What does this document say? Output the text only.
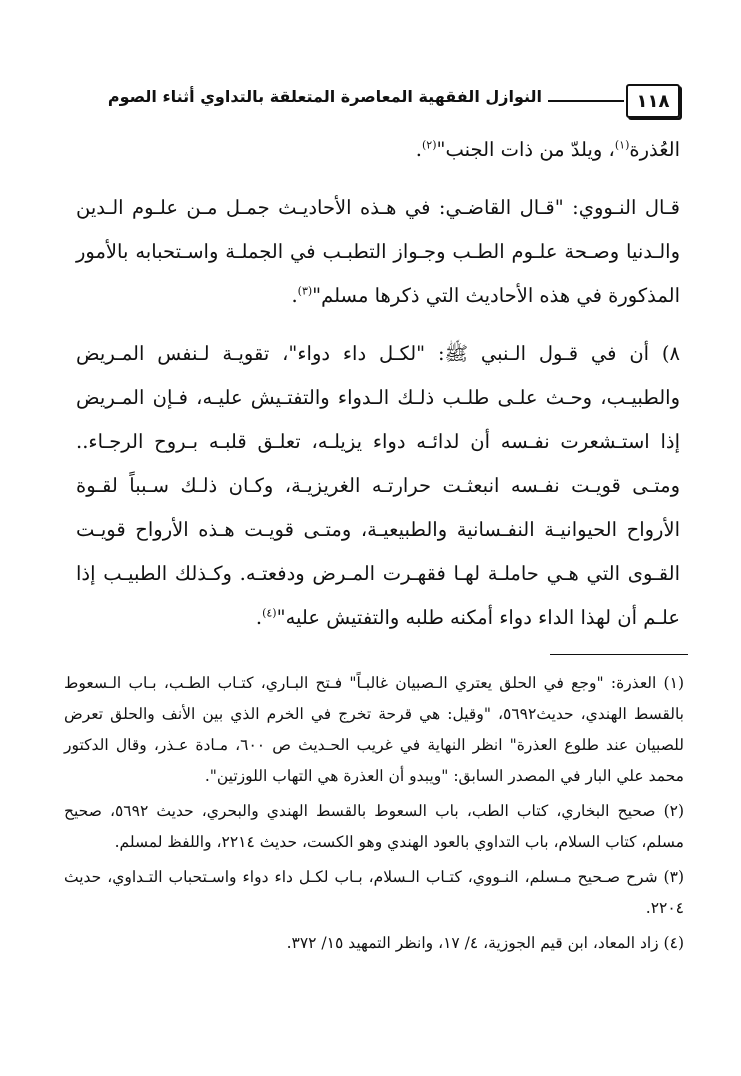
١١٨
النوازل الفقهية المعاصرة المتعلقة بالتداوي أثناء الصوم

العُذرة$^{(١)}$، ويلدّ من ذات الجنب"$^{(٢)}$.

قـال النـووي: "قـال القاضـي: في هـذه الأحاديـث جمـل مـن علـوم الـدين والـدنيا وصـحة علـوم الطـب وجـواز التطبـب في الجملـة واسـتحبابه بالأمور المذكورة في هذه الأحاديث التي ذكرها مسلم"$^{(٣)}$.

٨) أن في قـول الـنبي ﷺ: "لكـل داء دواء"، تقويـة لـنفس المـريض والطبيـب، وحـث علـى طلـب ذلـك الـدواء والتفتـيش عليـه، فـإن المـريض إذا استـشعرت نفـسه أن لدائـه دواء يزيلـه، تعلـق قلبـه بـروح الرجـاء.. ومتـى قويـت نفـسه انبعثـت حرارتـه الغريزيـة، وكـان ذلـك سـبباً لقـوة الأرواح الحيوانيـة النفـسانية والطبيعيـة، ومتـى قويـت هـذه الأرواح قويـت القـوى التي هـي حاملـة لهـا فقهـرت المـرض ودفعتـه. وكـذلك الطبيـب إذا علـم أن لهذا الداء دواء أمكنه طلبه والتفتيش عليه"$^{(٤)}$.

(١) العذرة: "وجع في الحلق يعتري الـصبيان غالبـاً" فـتح البـاري، كتـاب الطـب، بـاب الـسعوط بالقسط الهندي، حديث٥٦٩٢، "وقيل: هي قرحة تخرج في الخرم الذي بين الأنف والحلق تعرض للصبيان عند طلوع العذرة" انظر النهاية في غريب الحـديث ص ٦٠٠، مـادة عـذر، وقال الدكتور محمد علي البار في المصدر السابق: "ويبدو أن العذرة هي التهاب اللوزتين".

(٢) صحيح البخاري، كتاب الطب، باب السعوط بالقسط الهندي والبحري، حديث ٥٦٩٢، صحيح مسلم، كتاب السلام، باب التداوي بالعود الهندي وهو الكست، حديث ٢٢١٤، واللفظ لمسلم.

(٣) شرح صـحيح مـسلم، النـووي، كتـاب الـسلام، بـاب لكـل داء دواء واسـتحباب التـداوي، حديث ٢٢٠٤.

(٤) زاد المعاد، ابن قيم الجوزية، ٤/ ١٧، وانظر التمهيد ١٥/ ٣٧٢.
